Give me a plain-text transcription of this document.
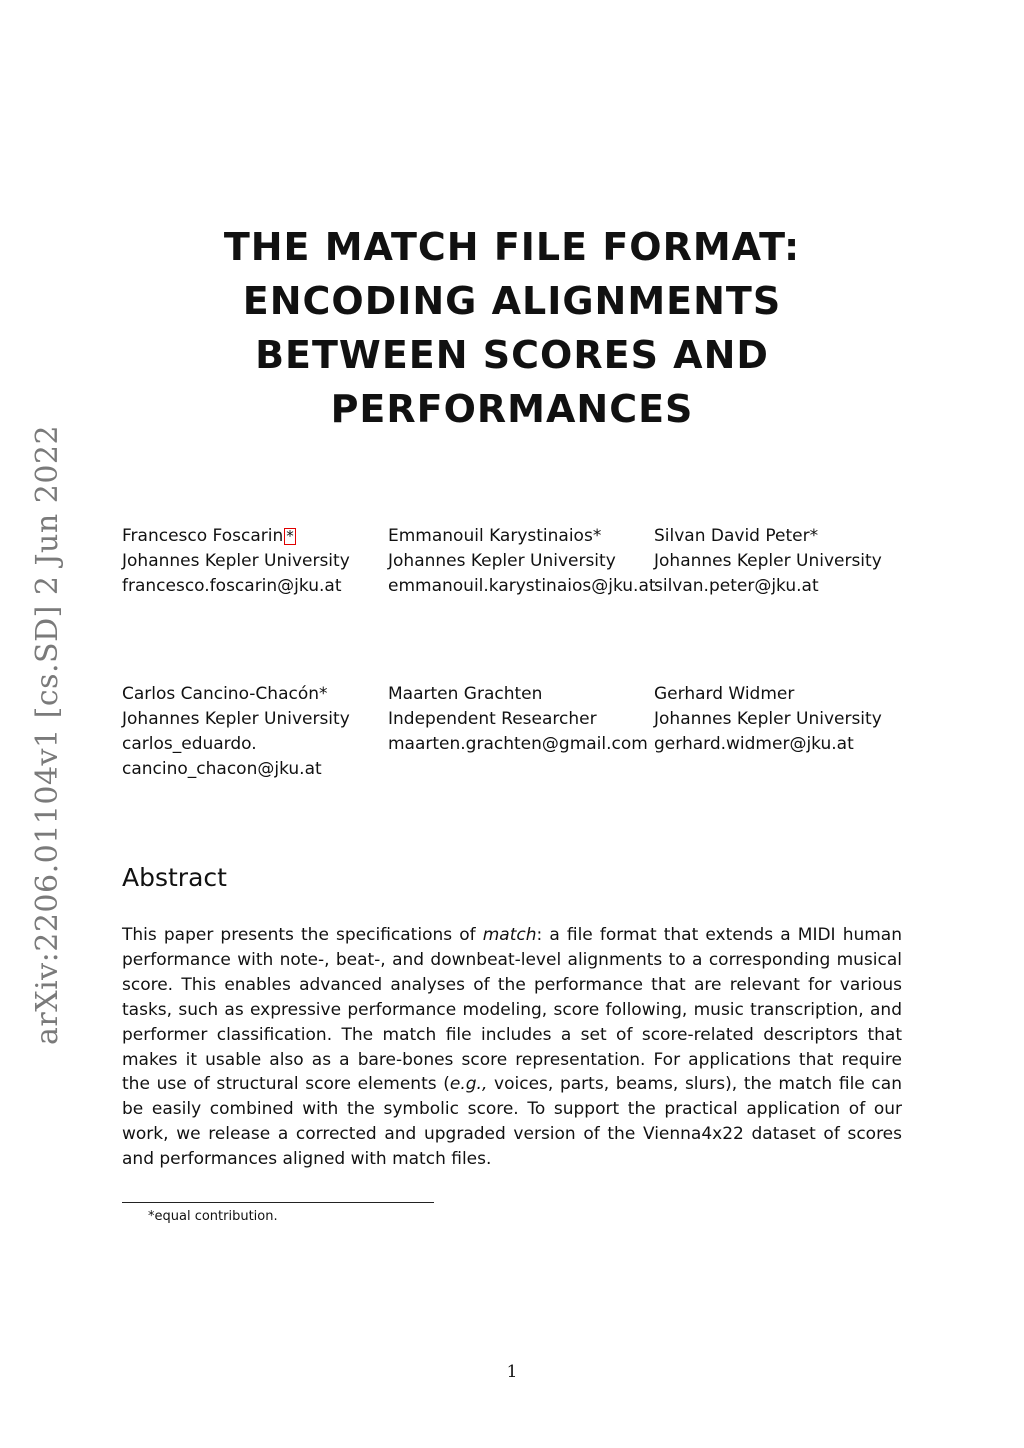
arXiv:2206.01104v1 [cs.SD] 2 Jun 2022
THE MATCH FILE FORMAT:
ENCODING ALIGNMENTS
BETWEEN SCORES AND
PERFORMANCES
Francesco Foscarin *
Johannes Kepler University
francesco.foscarin@jku.at
Emmanouil Karystinaios*
Johannes Kepler University
emmanouil.karystinaios@jku.at
Silvan David Peter*
Johannes Kepler University
silvan.peter@jku.at
Carlos Cancino-Chacón*
Johannes Kepler University
carlos_eduardo.
cancino_chacon@jku.at
Maarten Grachten
Independent Researcher
maarten.grachten@gmail.com
Gerhard Widmer
Johannes Kepler University
gerhard.widmer@jku.at
Abstract

This paper presents the specifications of match: a file format that extends a MIDI human performance with note-, beat-, and downbeat-level alignments to a corresponding musical score. This enables advanced analyses of the performance that are relevant for various tasks, such as expressive performance modeling, score following, music transcription, and performer classification. The match file includes a set of score-related descriptors that makes it usable also as a bare-bones score representation. For applications that require the use of structural score elements (e.g., voices, parts, beams, slurs), the match file can be easily combined with the symbolic score. To support the practical application of our work, we release a corrected and upgraded version of the Vienna4x22 dataset of scores and performances aligned with match files.

*equal contribution.
1
